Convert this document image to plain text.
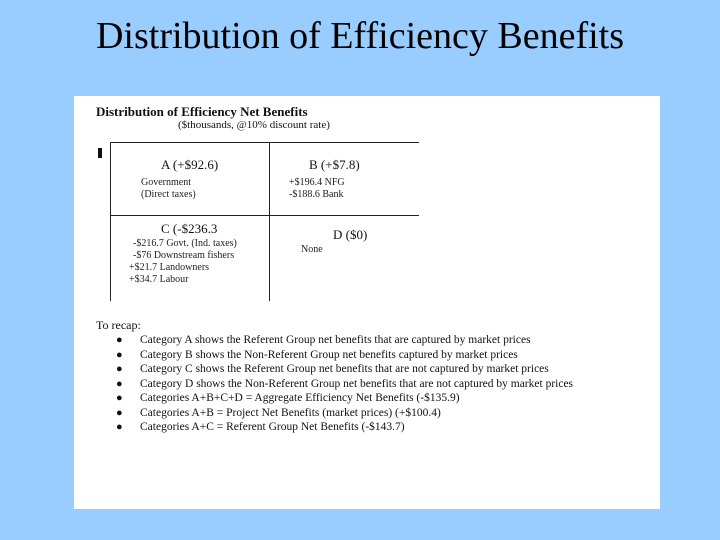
Distribution of Efficiency Benefits
Distribution of Efficiency Net Benefits
($thousands, @10% discount rate)
A (+$92.6)
Government
(Direct taxes)
B (+$7.8)
+$196.4 NFG
-$188.6 Bank
C (-$236.3
-$216.7 Govt. (Ind. taxes)
-$76 Downstream fishers
+$21.7 Landowners
+$34.7 Labour
D ($0)
None
To recap:
● Category A shows the Referent Group net benefits that are captured by market prices
● Category B shows the Non-Referent Group net benefits captured by market prices
● Category C shows the Referent Group net benefits that are not captured by market prices
● Category D shows the Non-Referent Group net benefits that are not captured by market prices
● Categories A+B+C+D = Aggregate Efficiency Net Benefits (-$135.9)
● Categories A+B = Project Net Benefits (market prices) (+$100.4)
● Categories A+C = Referent Group Net Benefits (-$143.7)
